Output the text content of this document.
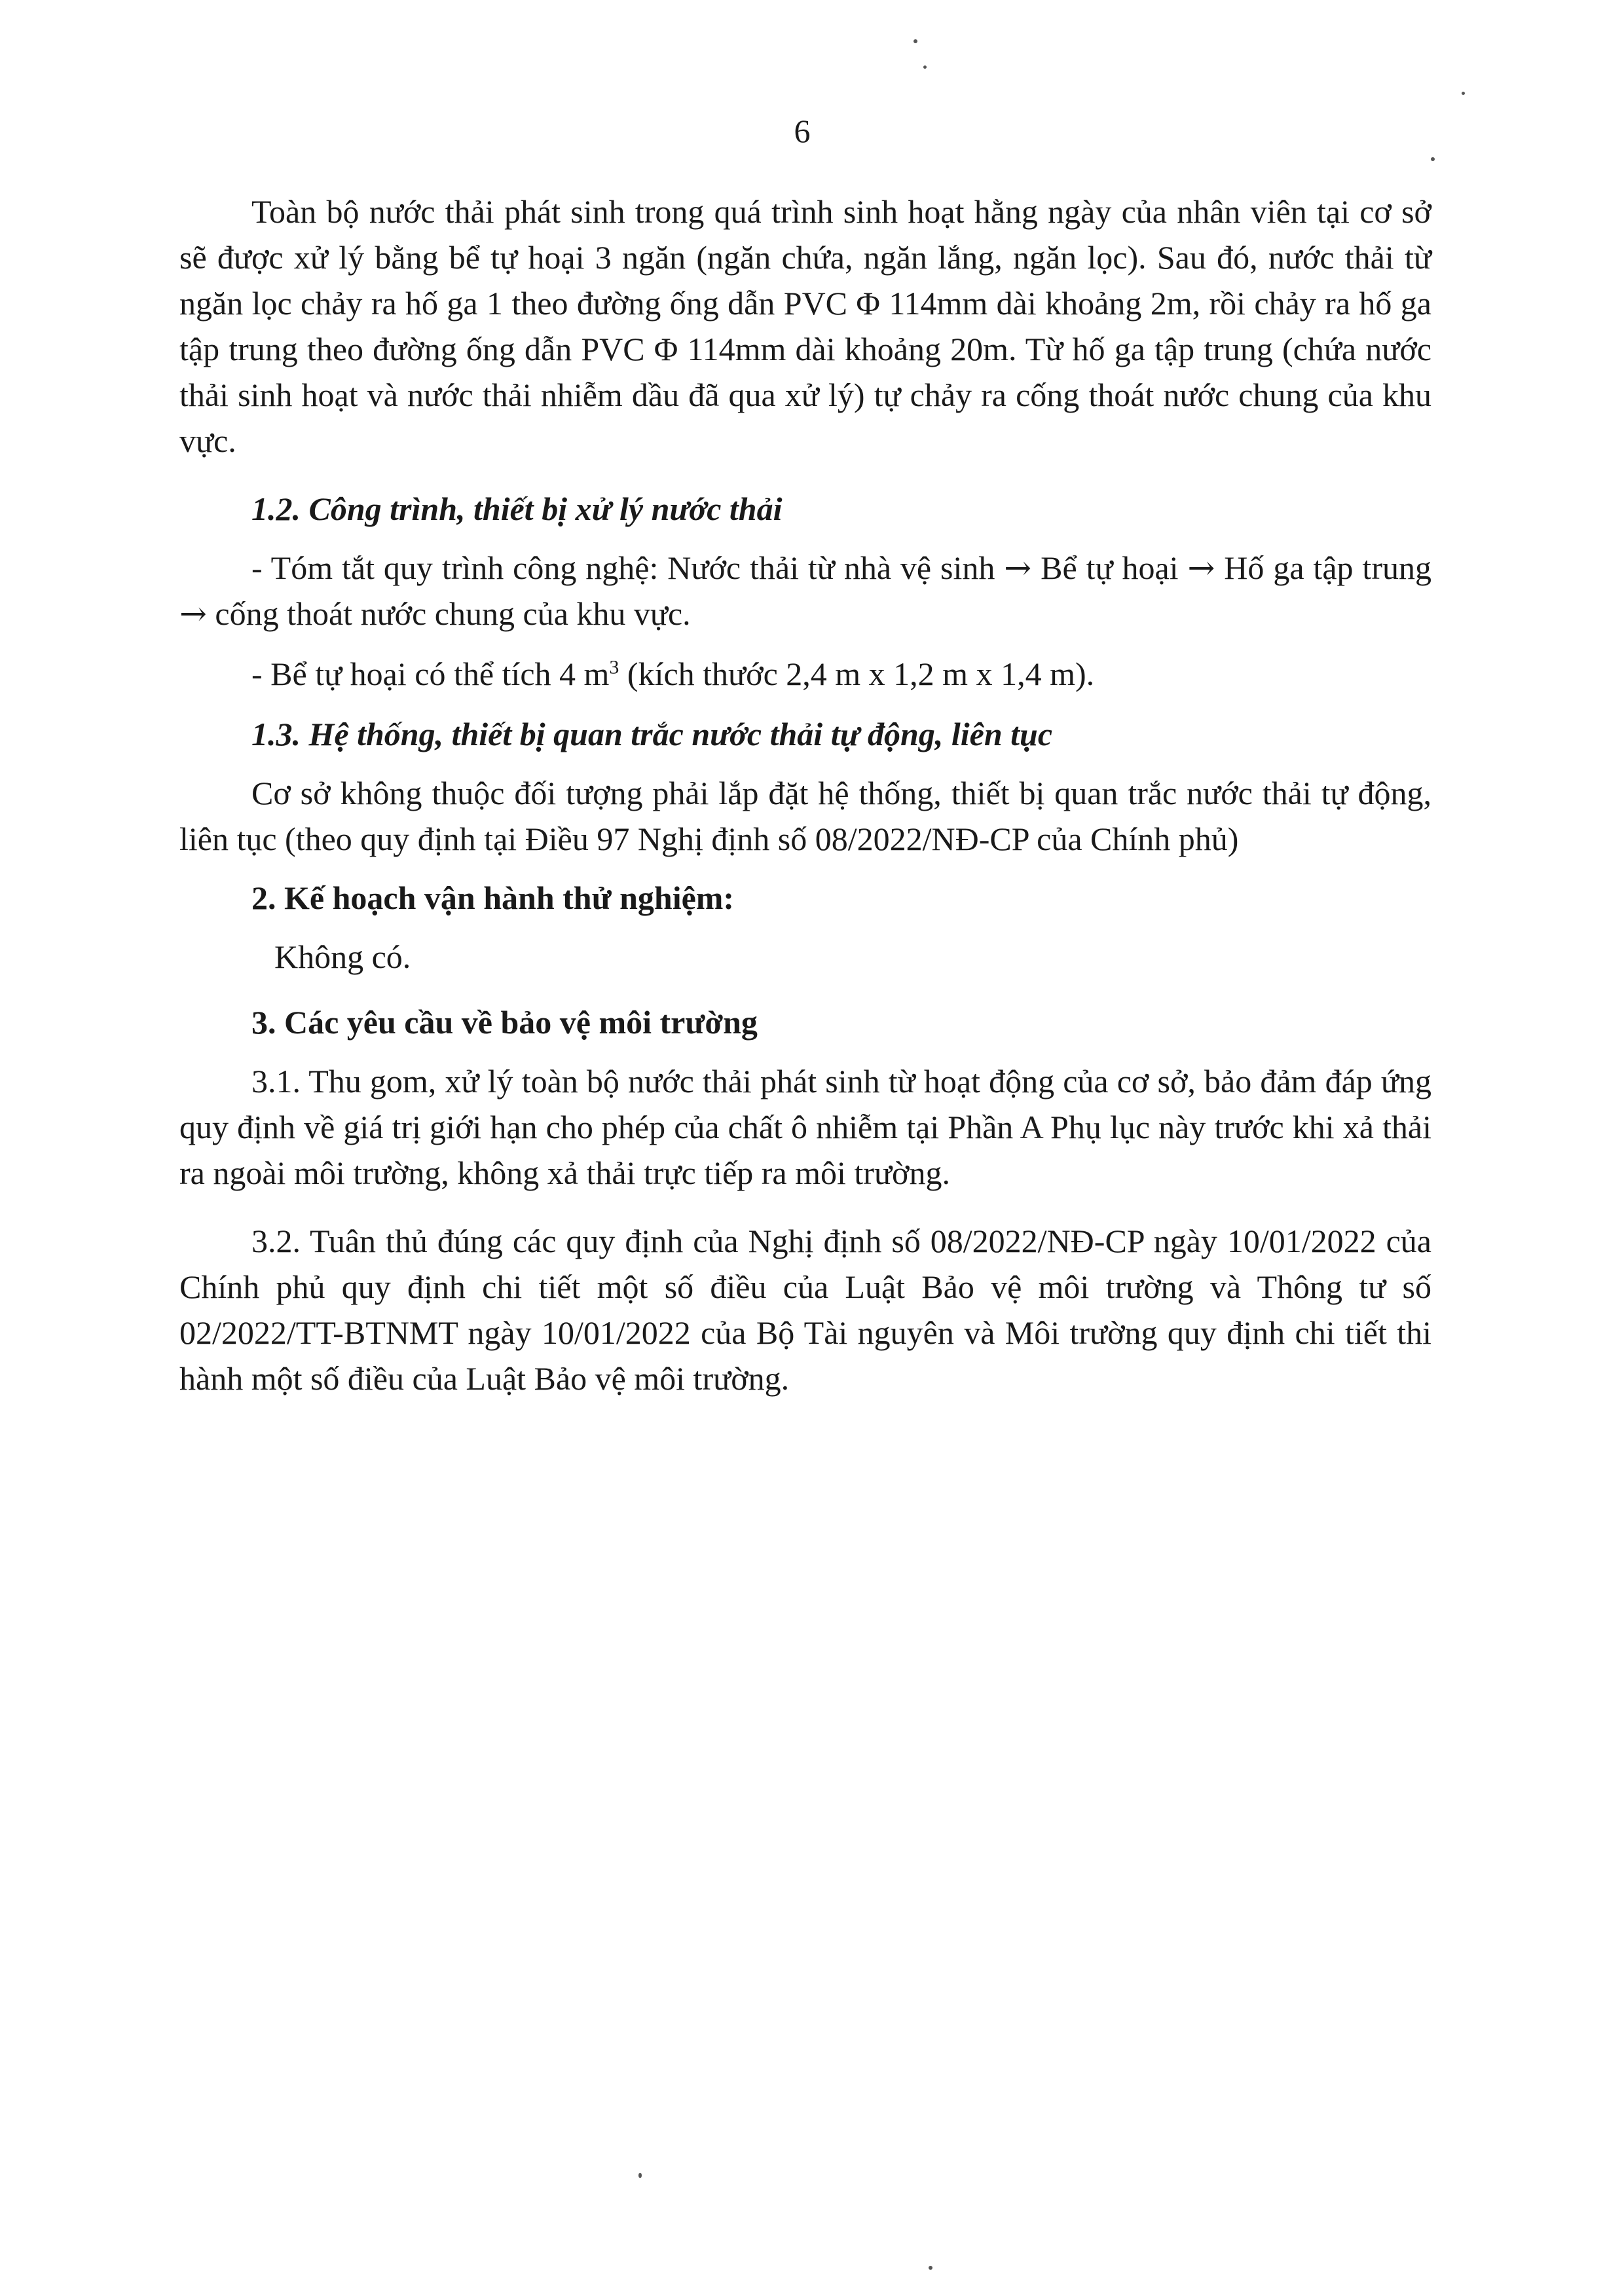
6

Toàn bộ nước thải phát sinh trong quá trình sinh hoạt hằng ngày của nhân viên tại cơ sở sẽ được xử lý bằng bể tự hoại 3 ngăn (ngăn chứa, ngăn lắng, ngăn lọc). Sau đó, nước thải từ ngăn lọc chảy ra hố ga 1 theo đường ống dẫn PVC Φ 114mm dài khoảng 2m, rồi chảy ra hố ga tập trung theo đường ống dẫn PVC Φ 114mm dài khoảng 20m. Từ hố ga tập trung (chứa nước thải sinh hoạt và nước thải nhiễm dầu đã qua xử lý) tự chảy ra cống thoát nước chung của khu vực.

1.2. Công trình, thiết bị xử lý nước thải

- Tóm tắt quy trình công nghệ: Nước thải từ nhà vệ sinh → Bể tự hoại → Hố ga tập trung → cống thoát nước chung của khu vực.

- Bể tự hoại có thể tích 4 $m^3$ (kích thước 2,4 m x 1,2 m x 1,4 m).

1.3. Hệ thống, thiết bị quan trắc nước thải tự động, liên tục

Cơ sở không thuộc đối tượng phải lắp đặt hệ thống, thiết bị quan trắc nước thải tự động, liên tục (theo quy định tại Điều 97 Nghị định số 08/2022/NĐ-CP của Chính phủ)

2. Kế hoạch vận hành thử nghiệm:

Không có.

3. Các yêu cầu về bảo vệ môi trường

3.1. Thu gom, xử lý toàn bộ nước thải phát sinh từ hoạt động của cơ sở, bảo đảm đáp ứng quy định về giá trị giới hạn cho phép của chất ô nhiễm tại Phần A Phụ lục này trước khi xả thải ra ngoài môi trường, không xả thải trực tiếp ra môi trường.

3.2. Tuân thủ đúng các quy định của Nghị định số 08/2022/NĐ-CP ngày 10/01/2022 của Chính phủ quy định chi tiết một số điều của Luật Bảo vệ môi trường và Thông tư số 02/2022/TT-BTNMT ngày 10/01/2022 của Bộ Tài nguyên và Môi trường quy định chi tiết thi hành một số điều của Luật Bảo vệ môi trường.
